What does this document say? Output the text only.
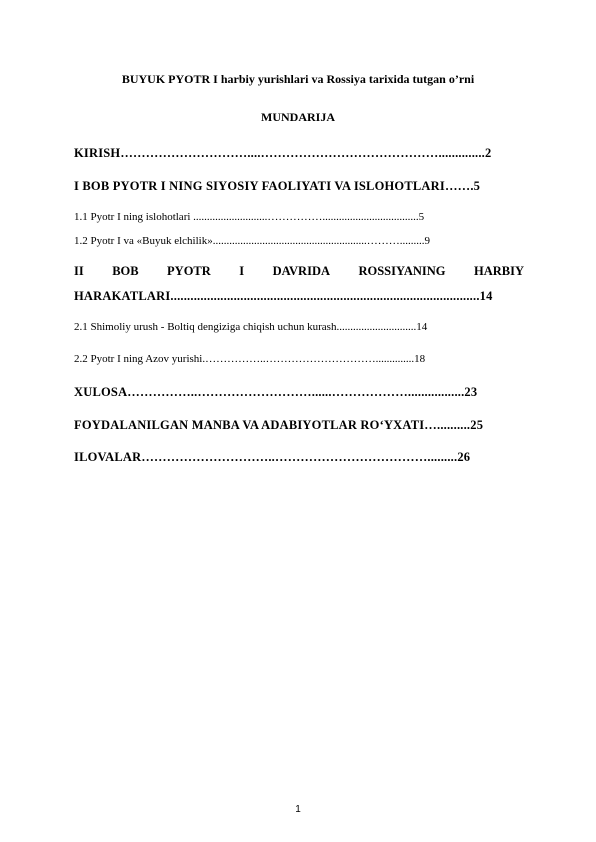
BUYUK PYOTR I harbiy yurishlari va Rossiya tarixida tutgan o’rni
MUNDARIJA
KIRISH…………………………....……………………………………..............2
I BOB PYOTR I NING SIYOSIY FAOLIYATI VA ISLOHOTLARI…….5
1.1 Pyotr I ning islohotlari ...........................……………...................................5
1.2 Pyotr I va «Buyuk elchilik»........................................................……….........9
II BOB PYOTR I DAVRIDA ROSSIYANING HARBIY
HARAKATLARI.............................................................................................14
2.1 Shimoliy urush - Boltiq dengiziga chiqish uchun kurash.............................14
2.2 Pyotr I ning Azov yurishi.……………..…………………………..............18
XULOSA……………..………………………......……………….................23
FOYDALANILGAN MANBA VA ADABIYOTLAR RO‘YXATI…..........25
ILOVALAR…………………………..……………………………….........26
1
